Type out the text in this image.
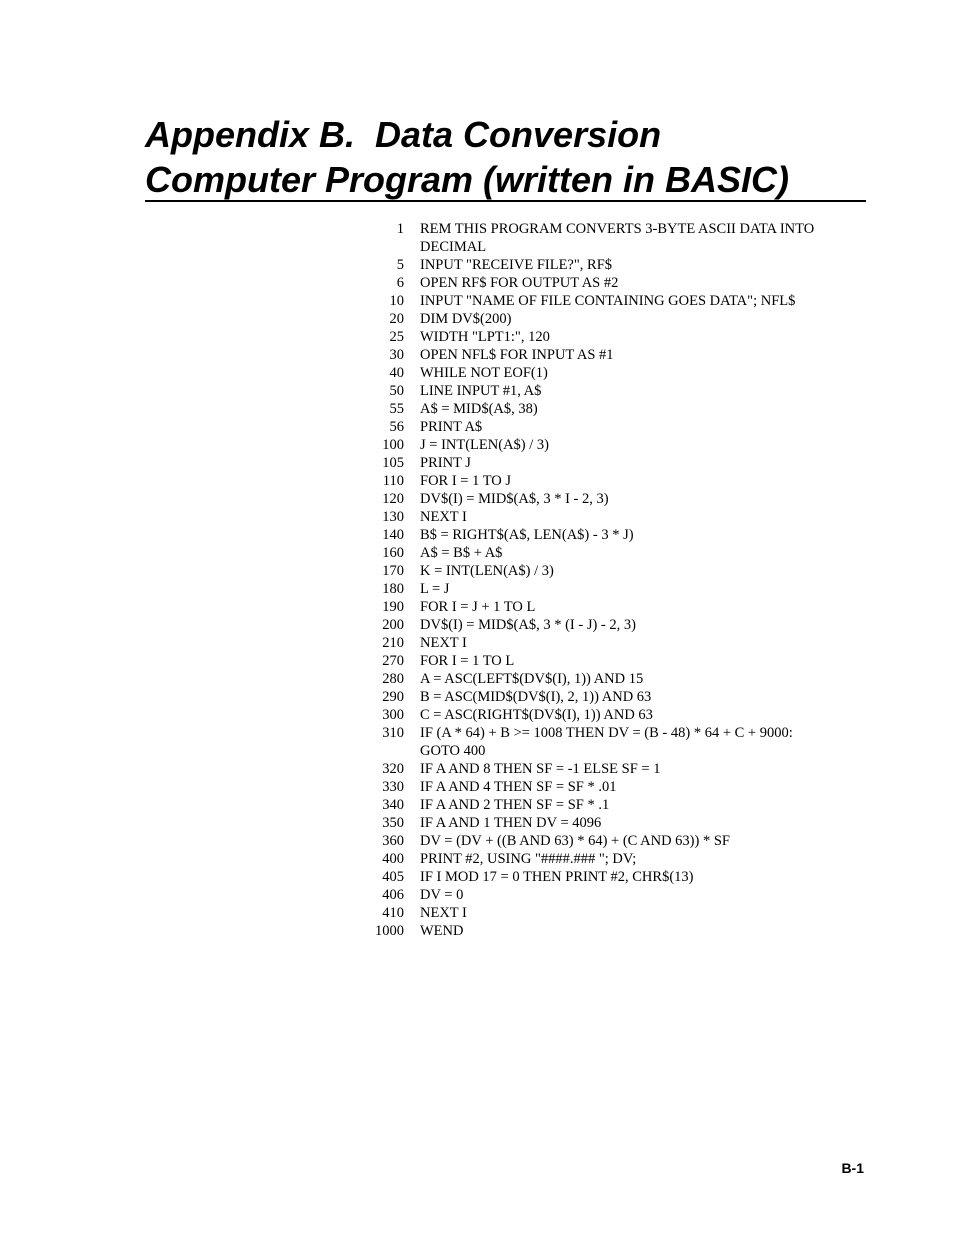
Appendix B.  Data Conversion
Computer Program (written in BASIC)
1 REM THIS PROGRAM CONVERTS 3-BYTE ASCII DATA INTO
DECIMAL
5 INPUT "RECEIVE FILE?", RF$
6 OPEN RF$ FOR OUTPUT AS #2
10 INPUT "NAME OF FILE CONTAINING GOES DATA"; NFL$
20 DIM DV$(200)
25 WIDTH "LPT1:", 120
30 OPEN NFL$ FOR INPUT AS #1
40 WHILE NOT EOF(1)
50 LINE INPUT #1, A$
55 A$ = MID$(A$, 38)
56 PRINT A$
100 J = INT(LEN(A$) / 3)
105 PRINT J
110 FOR I = 1 TO J
120 DV$(I) = MID$(A$, 3 * I - 2, 3)
130 NEXT I
140 B$ = RIGHT$(A$, LEN(A$) - 3 * J)
160 A$ = B$ + A$
170 K = INT(LEN(A$) / 3)
180 L = J
190 FOR I = J + 1 TO L
200 DV$(I) = MID$(A$, 3 * (I - J) - 2, 3)
210 NEXT I
270 FOR I = 1 TO L
280 A = ASC(LEFT$(DV$(I), 1)) AND 15
290 B = ASC(MID$(DV$(I), 2, 1)) AND 63
300 C = ASC(RIGHT$(DV$(I), 1)) AND 63
310 IF (A * 64) + B >= 1008 THEN DV = (B - 48) * 64 + C + 9000:
GOTO 400
320 IF A AND 8 THEN SF = -1 ELSE SF = 1
330 IF A AND 4 THEN SF = SF * .01
340 IF A AND 2 THEN SF = SF * .1
350 IF A AND 1 THEN DV = 4096
360 DV = (DV + ((B AND 63) * 64) + (C AND 63)) * SF
400 PRINT #2, USING "####.### "; DV;
405 IF I MOD 17 = 0 THEN PRINT #2, CHR$(13)
406 DV = 0
410 NEXT I
1000 WEND
B-1
